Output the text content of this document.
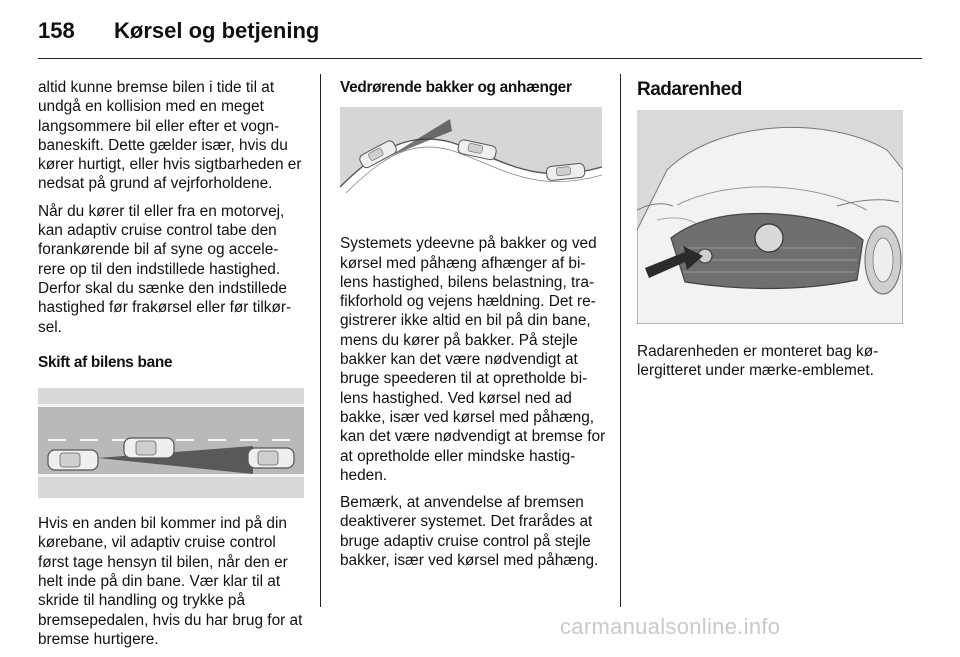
158	Kørsel og betjening

altid kunne bremse bilen i tide til at undgå en kollision med en meget langsommere bil eller efter et vogn-baneskift. Dette gælder især, hvis du kører hurtigt, eller hvis sigtbarheden er nedsat på grund af vejrforholdene.

Når du kører til eller fra en motorvej, kan adaptiv cruise control tabe den forankørende bil af syne og accele-rere op til den indstillede hastighed. Derfor skal du sænke den indstillede hastighed før frakørsel eller før tilkør-sel.

Skift af bilens bane

Hvis en anden bil kommer ind på din kørebane, vil adaptiv cruise control først tage hensyn til bilen, når den er helt inde på din bane. Vær klar til at skride til handling og trykke på bremsepedalen, hvis du har brug for at bremse hurtigere.

Vedrørende bakker og anhænger

Systemets ydeevne på bakker og ved kørsel med påhæng afhænger af bi-lens hastighed, bilens belastning, tra-fikforhold og vejens hældning. Det re-gistrerer ikke altid en bil på din bane, mens du kører på bakker. På stejle bakker kan det være nødvendigt at bruge speederen til at opretholde bi-lens hastighed. Ved kørsel ned ad bakke, især ved kørsel med påhæng, kan det være nødvendigt at bremse for at opretholde eller mindske hastig-heden.

Bemærk, at anvendelse af bremsen deaktiverer systemet. Det frarådes at bruge adaptiv cruise control på stejle bakker, især ved kørsel med påhæng.

Radarenhed

Radarenheden er monteret bag kø-lergitteret under mærke-emblemet.

carmanualsonline.info
